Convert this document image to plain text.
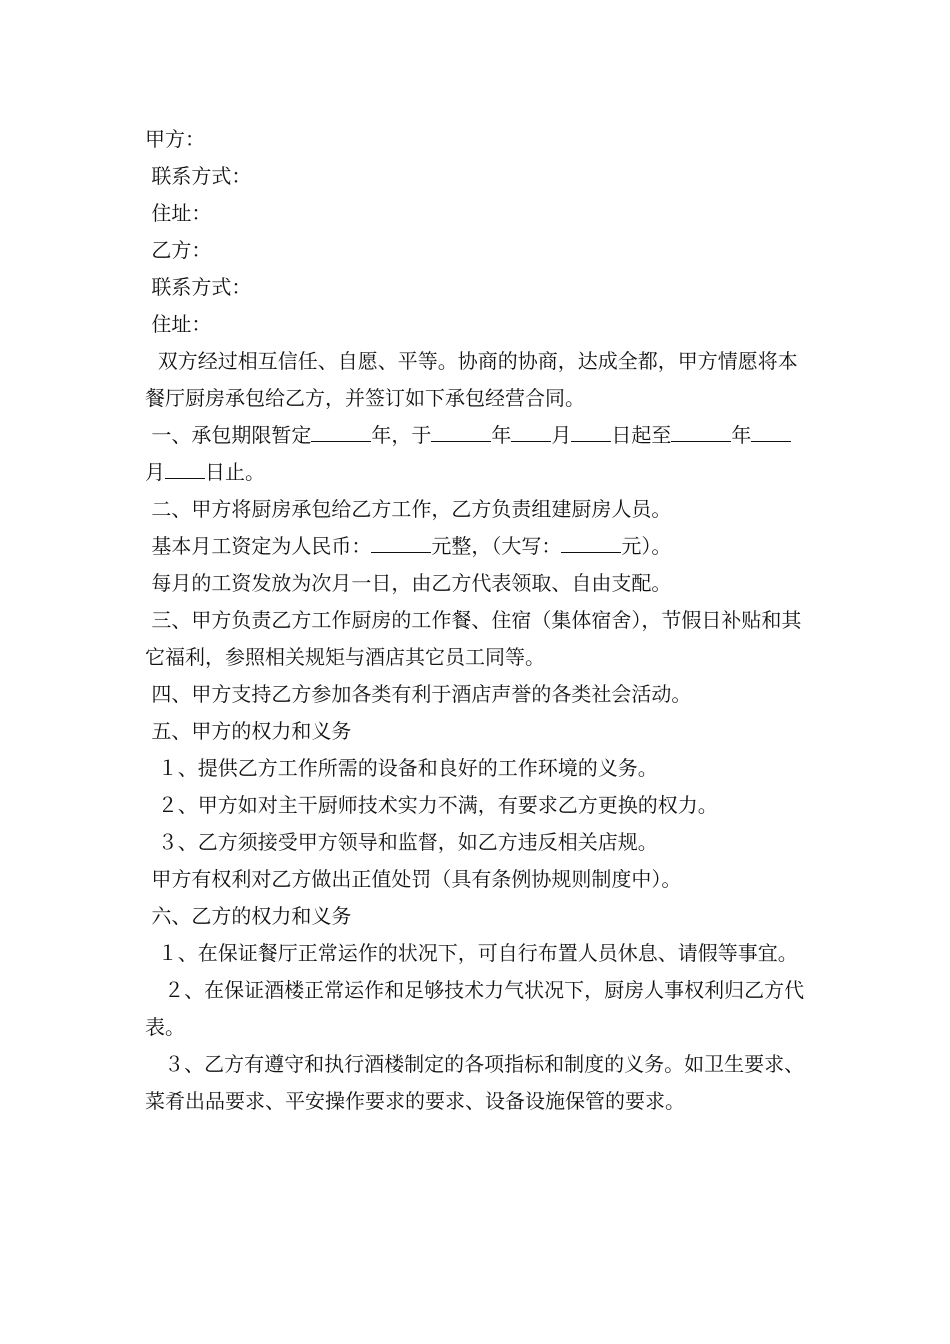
甲方：

联系方式：

住址：

乙方：

联系方式：

住址：

双方经过相互信任、自愿、平等。协商的协商，达成全都，甲方情愿将本餐厅厨房承包给乙方，并签订如下承包经营合同。

一、承包期限暂定	年，于	年 月 日起至	年月 日止。

二、甲方将厨房承包给乙方工作，乙方负责组建厨房人员。

基本月工资定为人民币：	元整，（大写：	元）。

每月的工资发放为次月一日，由乙方代表领取、自由支配。

三、甲方负责乙方工作厨房的工作餐、住宿（集体宿舍），节假日补贴和其它福利，参照相关规矩与酒店其它员工同等。

四、甲方支持乙方参加各类有利于酒店声誉的各类社会活动。

五、甲方的权力和义务

１、提供乙方工作所需的设备和良好的工作环境的义务。

２、甲方如对主干厨师技术实力不满，有要求乙方更换的权力。

３、乙方须接受甲方领导和监督，如乙方违反相关店规。

甲方有权利对乙方做出正值处罚（具有条例协规则制度中）。

六、乙方的权力和义务

１、在保证餐厅正常运作的状况下，可自行布置人员休息、请假等事宜。

２、在保证酒楼正常运作和足够技术力气状况下，厨房人事权利归乙方代表。

３、乙方有遵守和执行酒楼制定的各项指标和制度的义务。如卫生要求、菜肴出品要求、平安操作要求的要求、设备设施保管的要求。
